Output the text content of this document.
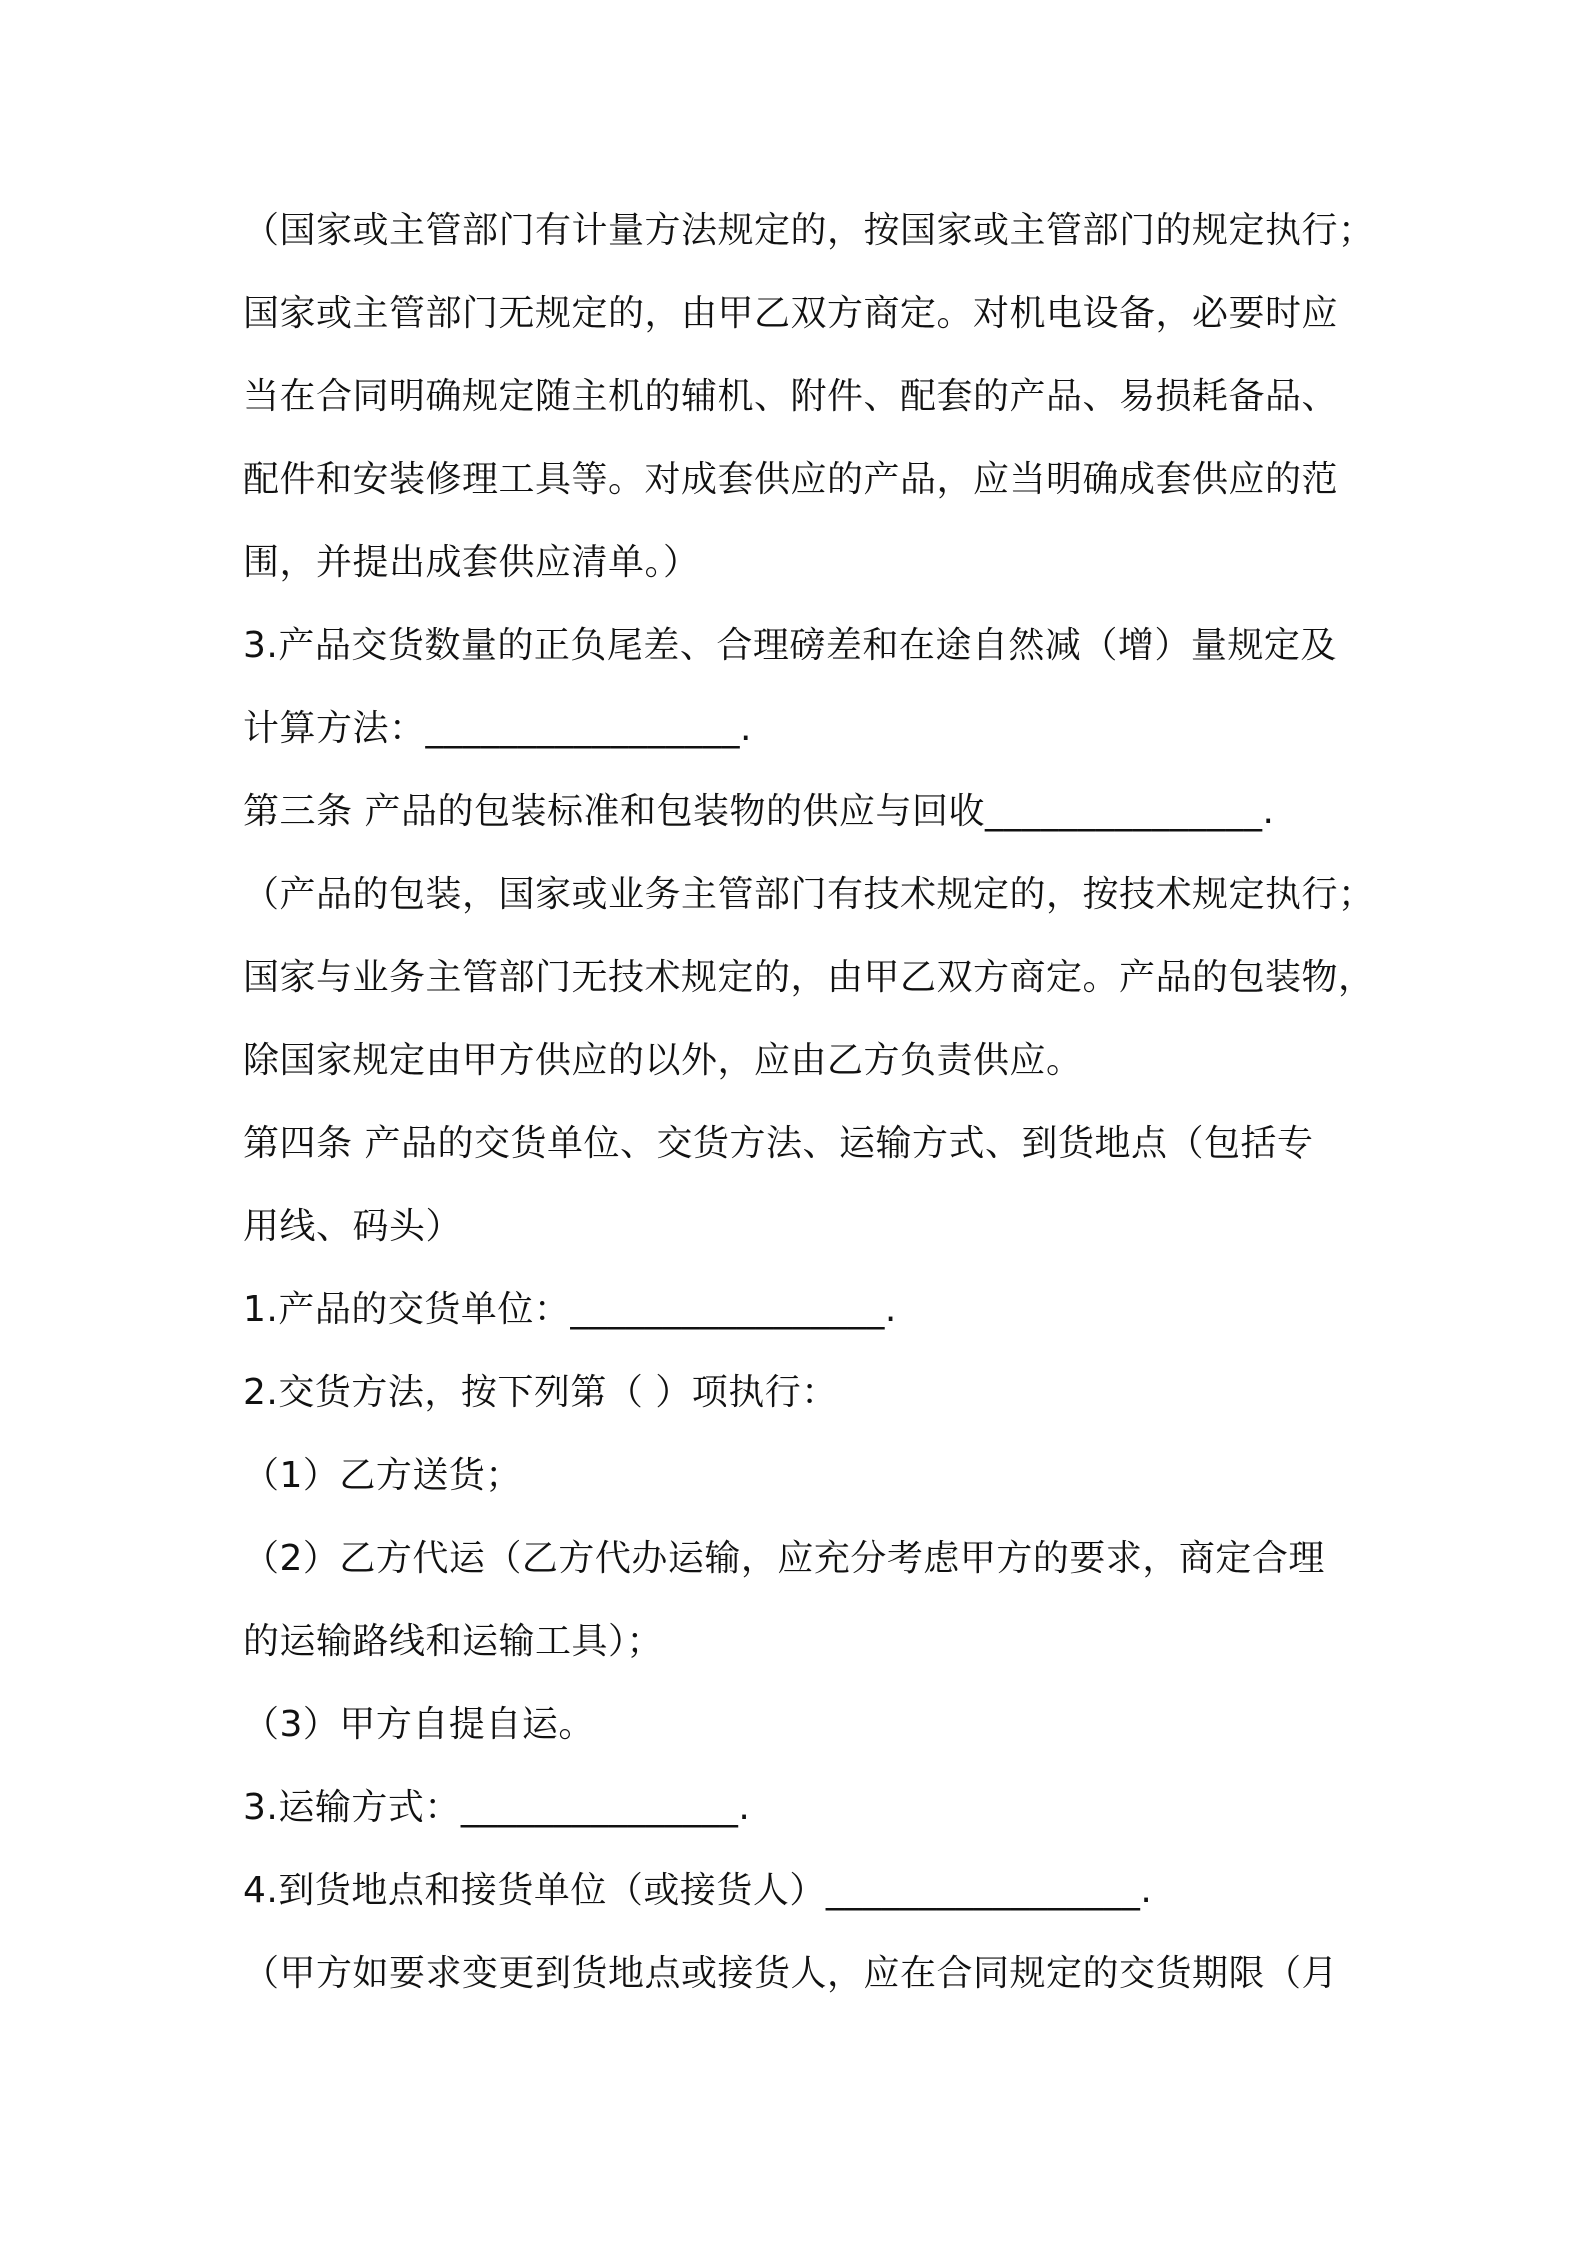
（国家或主管部门有计量方法规定的，按国家或主管部门的规定执行；
国家或主管部门无规定的，由甲乙双方商定。对机电设备，必要时应
当在合同明确规定随主机的辅机、附件、配套的产品、易损耗备品、
配件和安装修理工具等。对成套供应的产品，应当明确成套供应的范
围，并提出成套供应清单。）
3.产品交货数量的正负尾差、合理磅差和在途自然减（增）量规定及
计算方法：_________________.
第三条 产品的包装标准和包装物的供应与回收_______________.
（产品的包装，国家或业务主管部门有技术规定的，按技术规定执行；
国家与业务主管部门无技术规定的，由甲乙双方商定。产品的包装物，
除国家规定由甲方供应的以外，应由乙方负责供应。
第四条 产品的交货单位、交货方法、运输方式、到货地点（包括专
用线、码头）
1.产品的交货单位：_________________.
2.交货方法，按下列第（ ）项执行：
（1）乙方送货；
（2）乙方代运（乙方代办运输，应充分考虑甲方的要求，商定合理
的运输路线和运输工具）；
（3）甲方自提自运。
3.运输方式：_______________.
4.到货地点和接货单位（或接货人）_________________.
（甲方如要求变更到货地点或接货人，应在合同规定的交货期限（月
